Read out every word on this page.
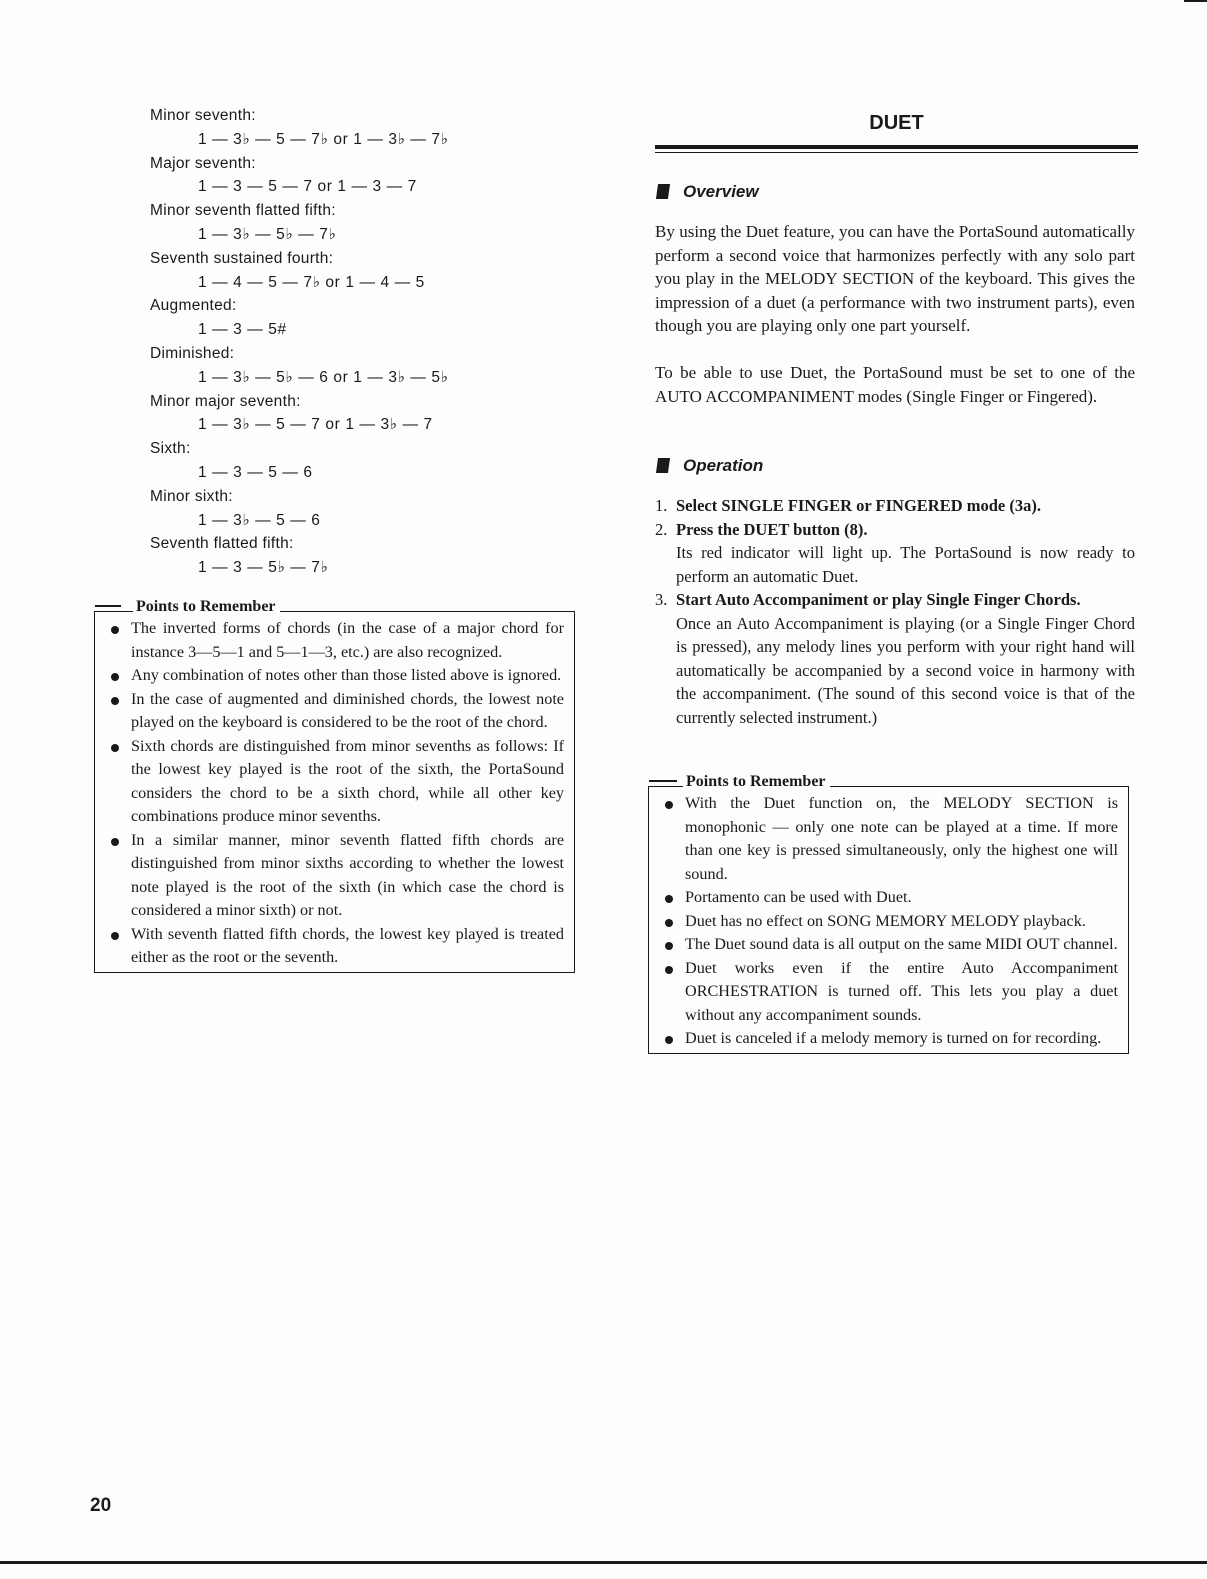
Minor seventh:
1 — 3♭ — 5 — 7♭ or 1 — 3♭ — 7♭
Major seventh:
1 — 3 — 5 — 7 or 1 — 3 — 7
Minor seventh flatted fifth:
1 — 3♭ — 5♭ — 7♭
Seventh sustained fourth:
1 — 4 — 5 — 7♭ or 1 — 4 — 5
Augmented:
1 — 3 — 5#
Diminished:
1 — 3♭ — 5♭ — 6 or 1 — 3♭ — 5♭
Minor major seventh:
1 — 3♭ — 5 — 7 or 1 — 3♭ — 7
Sixth:
1 — 3 — 5 — 6
Minor sixth:
1 — 3♭ — 5 — 6
Seventh flatted fifth:
1 — 3 — 5♭ — 7♭
Points to Remember
The inverted forms of chords (in the case of a major chord for instance 3—5—1 and 5—1—3, etc.) are also recognized.
Any combination of notes other than those listed above is ignored.
In the case of augmented and diminished chords, the lowest note played on the keyboard is considered to be the root of the chord.
Sixth chords are distinguished from minor sevenths as follows: If the lowest key played is the root of the sixth, the PortaSound considers the chord to be a sixth chord, while all other key combinations produce minor sevenths.
In a similar manner, minor seventh flatted fifth chords are distinguished from minor sixths according to whether the lowest note played is the root of the sixth (in which case the chord is considered a minor sixth) or not.
With seventh flatted fifth chords, the lowest key played is treated either as the root or the seventh.
DUET
Overview

By using the Duet feature, you can have the PortaSound automatically perform a second voice that harmonizes perfectly with any solo part you play in the MELODY SECTION of the keyboard. This gives the impression of a duet (a performance with two instrument parts), even though you are playing only one part yourself.

To be able to use Duet, the PortaSound must be set to one of the AUTO ACCOMPANIMENT modes (Single Finger or Fingered).

Operation
1. Select SINGLE FINGER or FINGERED mode (3a).
2. Press the DUET button (8).
Its red indicator will light up. The PortaSound is now ready to perform an automatic Duet.
3. Start Auto Accompaniment or play Single Finger Chords.
Once an Auto Accompaniment is playing (or a Single Finger Chord is pressed), any melody lines you perform with your right hand will automatically be accompanied by a second voice in harmony with the accompaniment. (The sound of this second voice is that of the currently selected instrument.)
Points to Remember
With the Duet function on, the MELODY SECTION is monophonic — only one note can be played at a time. If more than one key is pressed simultaneously, only the highest one will sound.
Portamento can be used with Duet.
Duet has no effect on SONG MEMORY MELODY playback.
The Duet sound data is all output on the same MIDI OUT channel.
Duet works even if the entire Auto Accompaniment ORCHESTRATION is turned off. This lets you play a duet without any accompaniment sounds.
Duet is canceled if a melody memory is turned on for recording.
20
